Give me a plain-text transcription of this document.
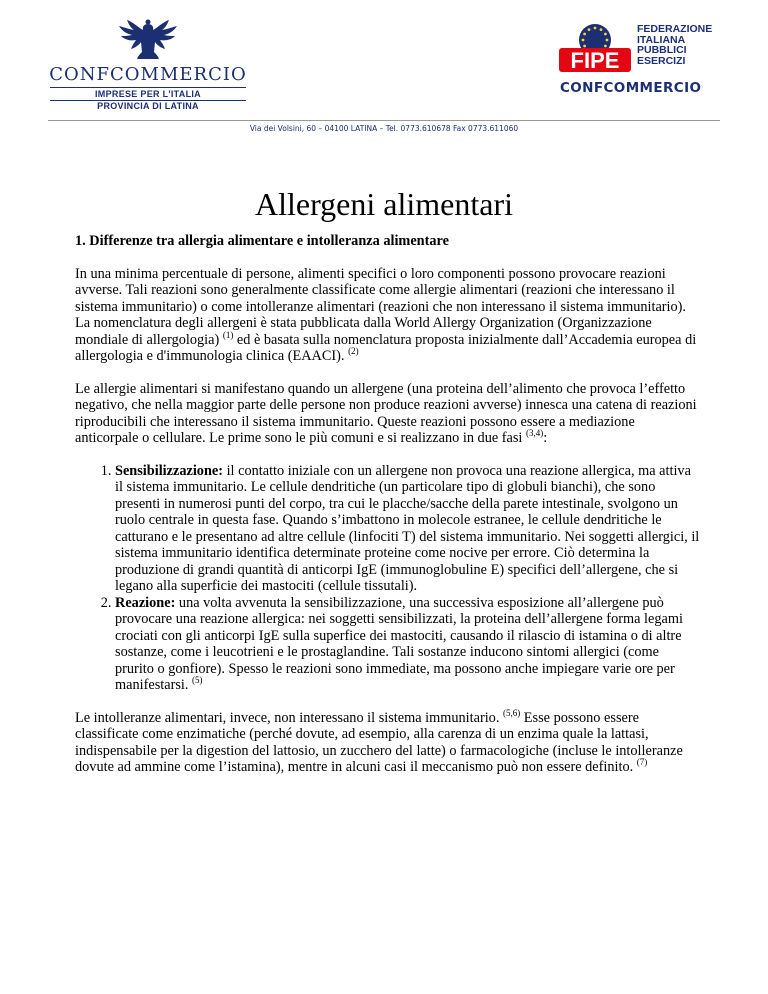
CONFCOMMERCIO
IMPRESE PER L'ITALIA
PROVINCIA DI LATINA
FIPE
FEDERAZIONE
ITALIANA
PUBBLICI
ESERCIZI
CONFCOMMERCIO
Via dei Volsini, 60 – 04100 LATINA – Tel. 0773.610678 Fax 0773.611060
Allergeni alimentari
1. Differenze tra allergia alimentare e intolleranza alimentare

In una minima percentuale di persone, alimenti specifici o loro componenti possono provocare reazioni avverse. Tali reazioni sono generalmente classificate come allergie alimentari (reazioni che interessano il sistema immunitario) o come intolleranze alimentari (reazioni che non interessano il sistema immunitario). La nomenclatura degli allergeni è stata pubblicata dalla World Allergy Organization (Organizzazione mondiale di allergologia) $^{(1)}$ ed è basata sulla nomenclatura proposta inizialmente dall’Accademia europea di allergologia e d'immunologia clinica (EAACI). $^{(2)}$

Le allergie alimentari si manifestano quando un allergene (una proteina dell’alimento che provoca l’effetto negativo, che nella maggior parte delle persone non produce reazioni avverse) innesca una catena di reazioni riproducibili che interessano il sistema immunitario. Queste reazioni possono essere a mediazione anticorpale o cellulare. Le prime sono le più comuni e si realizzano in due fasi $^{(3,4)}$:

1. Sensibilizzazione: il contatto iniziale con un allergene non provoca una reazione allergica, ma attiva il sistema immunitario. Le cellule dendritiche (un particolare tipo di globuli bianchi), che sono presenti in numerosi punti del corpo, tra cui le placche/sacche della parete intestinale, svolgono un ruolo centrale in questa fase. Quando s’imbattono in molecole estranee, le cellule dendritiche le catturano e le presentano ad altre cellule (linfociti T) del sistema immunitario. Nei soggetti allergici, il sistema immunitario identifica determinate proteine come nocive per errore. Ciò determina la produzione di grandi quantità di anticorpi IgE (immunoglobuline E) specifici dell’allergene, che si legano alla superficie dei mastociti (cellule tissutali).
2. Reazione: una volta avvenuta la sensibilizzazione, una successiva esposizione all’allergene può provocare una reazione allergica: nei soggetti sensibilizzati, la proteina dell’allergene forma legami crociati con gli anticorpi IgE sulla superfice dei mastociti, causando il rilascio di istamina o di altre sostanze, come i leucotrieni e le prostaglandine. Tali sostanze inducono sintomi allergici (come prurito o gonfiore). Spesso le reazioni sono immediate, ma possono anche impiegare varie ore per manifestarsi. $^{(5)}$

Le intolleranze alimentari, invece, non interessano il sistema immunitario. $^{(5,6)}$ Esse possono essere classificate come enzimatiche (perché dovute, ad esempio, alla carenza di un enzima quale la lattasi, indispensabile per la digestion del lattosio, un zucchero del latte) o farmacologiche (incluse le intolleranze dovute ad ammine come l’istamina), mentre in alcuni casi il meccanismo può non essere definito. $^{(7)}$
